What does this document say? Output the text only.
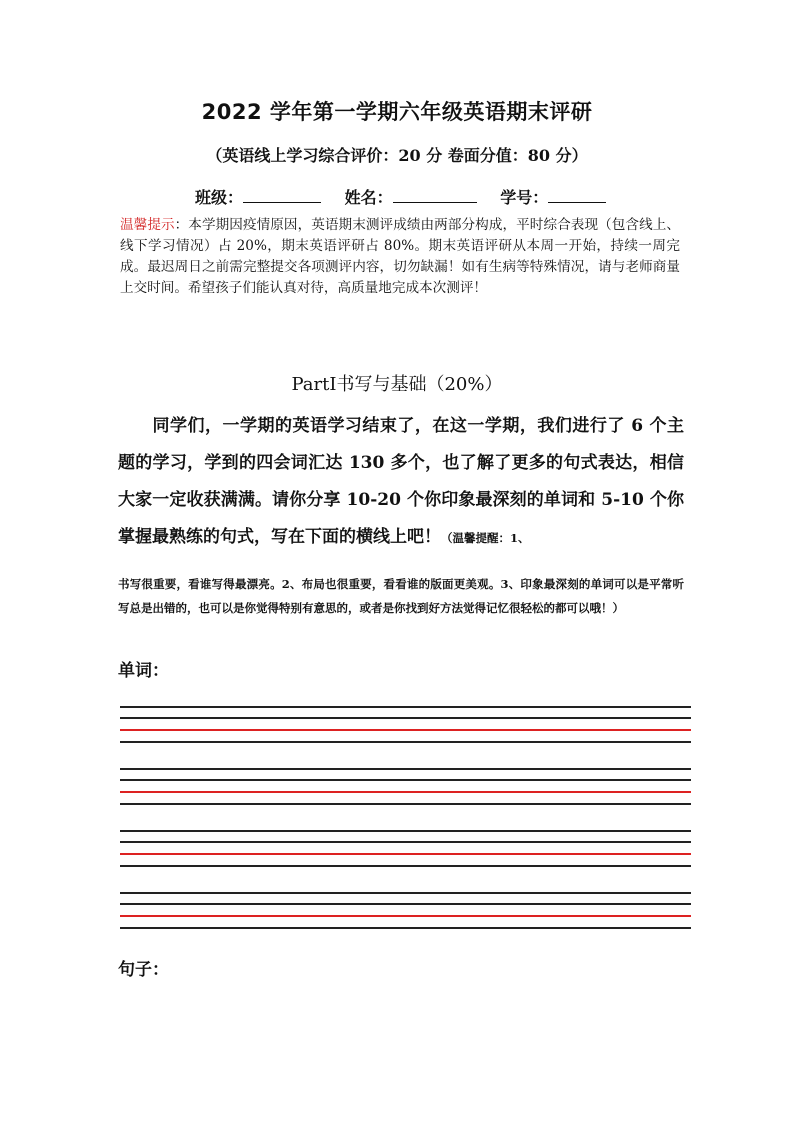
2022 学年第一学期六年级英语期末评研
（英语线上学习综合评价：20 分 卷面分值：80 分）
班级：	姓名：	学号：
温馨提示：本学期因疫情原因，英语期末测评成绩由两部分构成，平时综合表现（包含线上、线下学习情况）占 20%，期末英语评研占 80%。期末英语评研从本周一开始，持续一周完成。最迟周日之前需完整提交各项测评内容，切勿缺漏！如有生病等特殊情况，请与老师商量上交时间。希望孩子们能认真对待，高质量地完成本次测评！
PartⅠ书写与基础（20%）
同学们，一学期的英语学习结束了，在这一学期，我们进行了 6 个主题的学习，学到的四会词汇达 130 多个，也了解了更多的句式表达，相信大家一定收获满满。请你分享 10-20 个你印象最深刻的单词和 5-10 个你掌握最熟练的句式，写在下面的横线上吧！（温馨提醒：1、
书写很重要，看谁写得最漂亮。2、布局也很重要，看看谁的版面更美观。3、印象最深刻的单词可以是平常听写总是出错的，也可以是你觉得特别有意思的，或者是你找到好方法觉得记忆很轻松的都可以哦！）
单词：
句子：
